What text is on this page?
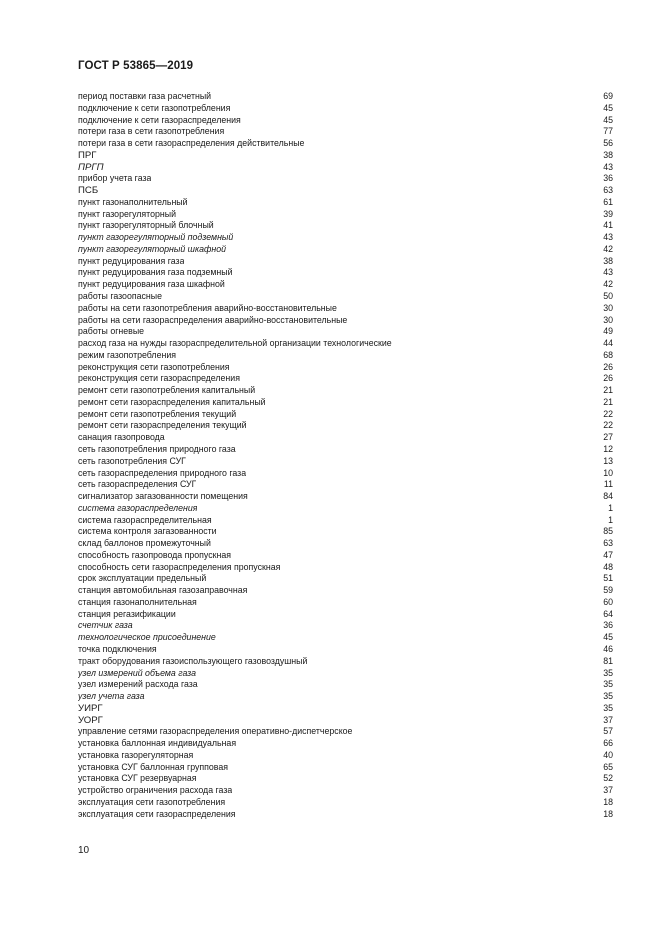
ГОСТ Р 53865—2019
период поставки газа расчетный	69
подключение к сети газопотребления	45
подключение к сети газораспределения	45
потери газа в сети газопотребления	77
потери газа в сети газораспределения действительные	56
ПРГ	38
ПРГП	43
прибор учета газа	36
ПСБ	63
пункт газонаполнительный	61
пункт газорегуляторный	39
пункт газорегуляторный блочный	41
пункт газорегуляторный подземный	43
пункт газорегуляторный шкафной	42
пункт редуцирования газа	38
пункт редуцирования газа подземный	43
пункт редуцирования газа шкафной	42
работы газоопасные	50
работы на сети газопотребления аварийно-восстановительные	30
работы на сети газораспределения аварийно-восстановительные	30
работы огневые	49
расход газа на нужды газораспределительной организации технологические	44
режим газопотребления	68
реконструкция сети газопотребления	26
реконструкция сети газораспределения	26
ремонт сети газопотребления капитальный	21
ремонт сети газораспределения капитальный	21
ремонт сети газопотребления текущий	22
ремонт сети газораспределения текущий	22
санация газопровода	27
сеть газопотребления природного газа	12
сеть газопотребления СУГ	13
сеть газораспределения природного газа	10
сеть газораспределения СУГ	11
сигнализатор загазованности помещения	84
система газораспределения	1
система газораспределительная	1
система контроля загазованности	85
склад баллонов промежуточный	63
способность газопровода пропускная	47
способность сети газораспределения пропускная	48
срок эксплуатации предельный	51
станция автомобильная газозаправочная	59
станция газонаполнительная	60
станция регазификации	64
счетчик газа	36
технологическое присоединение	45
точка подключения	46
тракт оборудования газоиспользующего газовоздушный	81
узел измерений объема газа	35
узел измерений расхода газа	35
узел учета газа	35
УИРГ	35
УОРГ	37
управление сетями газораспределения оперативно-диспетчерское	57
установка баллонная индивидуальная	66
установка газорегуляторная	40
установка СУГ баллонная групповая	65
установка СУГ резервуарная	52
устройство ограничения расхода газа	37
эксплуатация сети газопотребления	18
эксплуатация сети газораспределения	18
10
